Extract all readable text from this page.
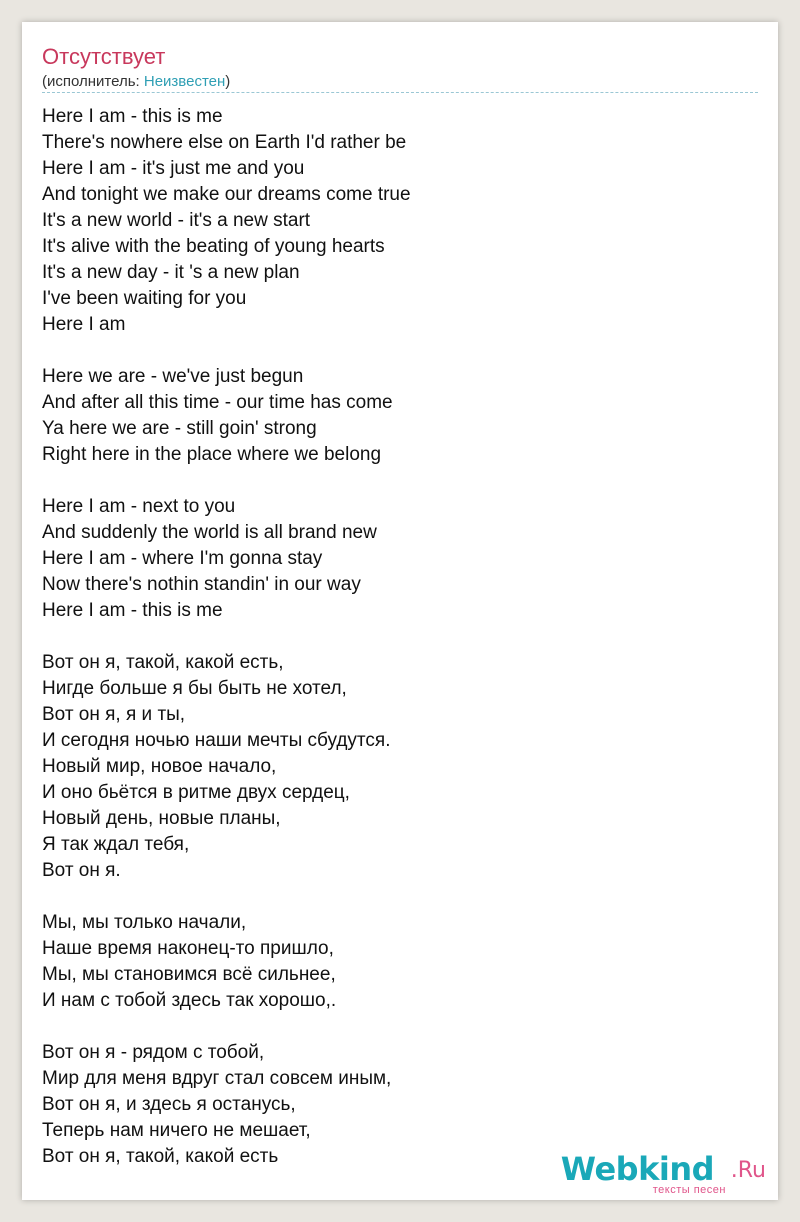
Отсутствует
(исполнитель: Неизвестен)
Here I am - this is me
There's nowhere else on Earth I'd rather be
Here I am - it's just me and you
And tonight we make our dreams come true
It's a new world - it's a new start
It's alive with the beating of young hearts
It's a new day - it 's a new plan
I've been waiting for you
Here I am
Here we are - we've just begun
And after all this time - our time has come
Ya here we are - still goin' strong
Right here in the place where we belong
Here I am - next to you
And suddenly the world is all brand new
Here I am - where I'm gonna stay
Now there's nothin standin' in our way
Here I am - this is me
Вот он я, такой, какой есть,
Нигде больше я бы быть не хотел,
Вот он я, я и ты,
И сегодня ночью наши мечты сбудутся.
Новый мир, новое начало,
И оно бьётся в ритме двух сердец,
Новый день, новые планы,
Я так ждал тебя,
Вот он я.
Мы, мы только начали,
Наше время наконец-то пришло,
Мы, мы становимся всё сильнее,
И нам с тобой здесь так хорошо,.
Вот он я - рядом с тобой,
Мир для меня вдруг стал совсем иным,
Вот он я, и здесь я останусь,
Теперь нам ничего не мешает,
Вот он я, такой, какой есть	Webkind .Ru
тексты песен
